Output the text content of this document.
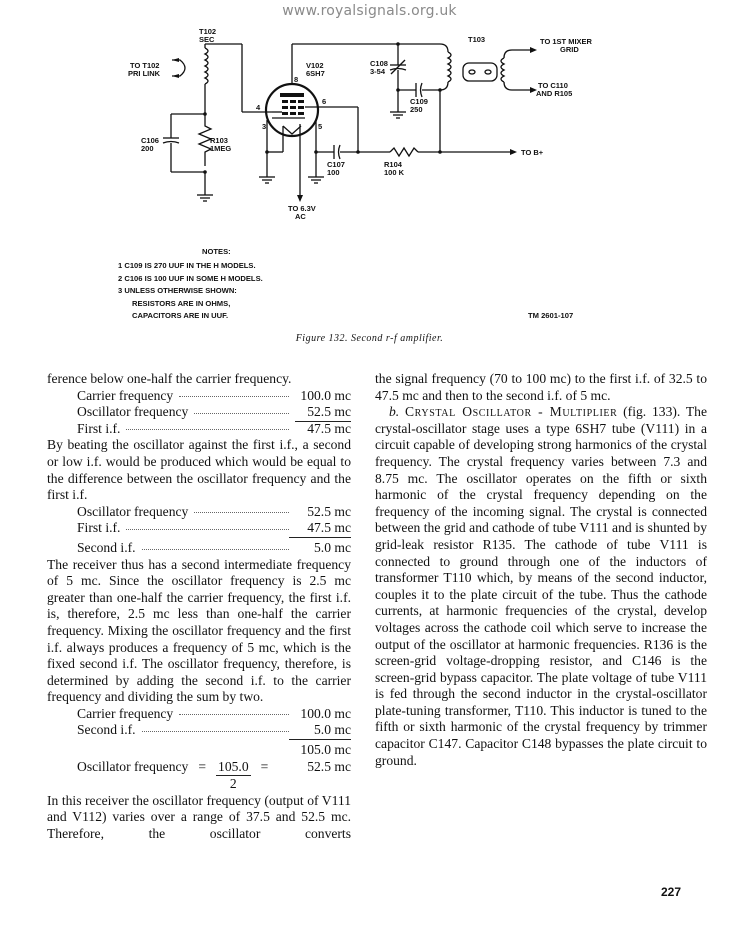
www.royalsignals.org.uk
T102
SEC
TO T102
PRI LINK
V102
6SH7
8
4
6
3	5
C108
3-54
C109
250
T103	TO 1ST MIXER
GRID
TO C110
AND R105
C106
200
R103
1MEG
C107
100
R104
100 K
TO B+
TO 6.3V
AC
NOTES:
1 C109 IS 270 UUF IN THE H MODELS.
2 C106 IS 100 UUF IN SOME H MODELS.
3 UNLESS OTHERWISE SHOWN:
RESISTORS ARE IN OHMS,
CAPACITORS ARE IN UUF.	TM 2601-107
Figure 132. Second r-f amplifier.

ference below one-half the carrier frequency.

Carrier frequency	100.0 mc
Oscillator frequency	52.5 mc
First i.f.	47.5 mc

By beating the oscillator against the first i.f., a second or low i.f. would be produced which would be equal to the difference between the oscillator frequency and the first i.f.

Oscillator frequency	52.5 mc
First i.f.	47.5 mc
Second i.f.	5.0 mc

The receiver thus has a second intermediate frequency of 5 mc. Since the oscillator frequency is 2.5 mc greater than one-half the carrier frequency, the first i.f. is, therefore, 2.5 mc less than one-half the carrier frequency. Mixing the oscillator frequency and the first i.f. always produces a frequency of 5 mc, which is the fixed second i.f. The oscillator frequency, therefore, is determined by adding the second i.f. to the carrier frequency and dividing the sum by two.

Carrier frequency	100.0 mc
Second i.f.	5.0 mc
105.0 mc
Oscillator frequency = $\frac{105.0}{2}$ =	52.5 mc

In this receiver the oscillator frequency (output of V111 and V112) varies over a range of 37.5 and 52.5 mc. Therefore, the oscillator converts

the signal frequency (70 to 100 mc) to the first i.f. of 32.5 to 47.5 mc and then to the second i.f. of 5 mc.

b. Crystal Oscillator - Multiplier (fig. 133). The crystal-oscillator stage uses a type 6SH7 tube (V111) in a circuit capable of developing strong harmonics of the crystal frequency. The crystal frequency varies between 7.3 and 8.75 mc. The oscillator operates on the fifth or sixth harmonic of the crystal frequency depending on the frequency of the incoming signal. The crystal is connected between the grid and cathode of tube V111 and is shunted by grid-leak resistor R135. The cathode of tube V111 is connected to ground through one of the inductors of transformer T110 which, by means of the second inductor, couples it to the plate circuit of the tube. Thus the cathode currents, at harmonic frequencies of the crystal, develop voltages across the cathode coil which serve to increase the output of the oscillator at harmonic frequencies. R136 is the screen-grid voltage-dropping resistor, and C146 is the screen-grid bypass capacitor. The plate voltage of tube V111 is fed through the second inductor in the crystal-oscillator plate-tuning transformer, T110. This inductor is tuned to the fifth or sixth harmonic of the crystal frequency by trimmer capacitor C147. Capacitor C148 bypasses the plate circuit to ground.

227
